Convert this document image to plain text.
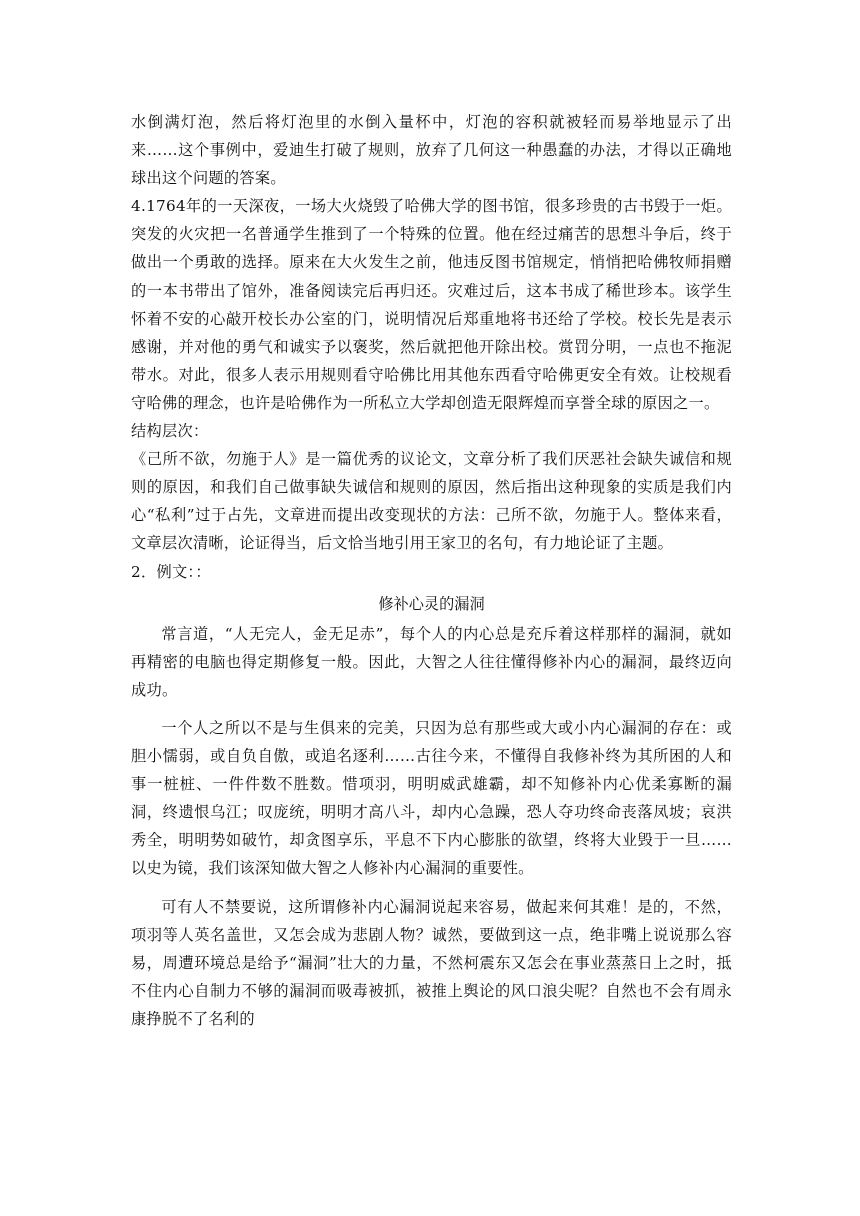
水倒满灯泡，然后将灯泡里的水倒入量杯中，灯泡的容积就被轻而易举地显示了出来……这个事例中，爱迪生打破了规则，放弃了几何这一种愚蠢的办法，才得以正确地球出这个问题的答案。

4.1764年的一天深夜，一场大火烧毁了哈佛大学的图书馆，很多珍贵的古书毁于一炬。突发的火灾把一名普通学生推到了一个特殊的位置。他在经过痛苦的思想斗争后，终于做出一个勇敢的选择。原来在大火发生之前，他违反图书馆规定，悄悄把哈佛牧师捐赠的一本书带出了馆外，准备阅读完后再归还。灾难过后，这本书成了稀世珍本。该学生怀着不安的心敲开校长办公室的门，说明情况后郑重地将书还给了学校。校长先是表示感谢，并对他的勇气和诚实予以褒奖，然后就把他开除出校。赏罚分明，一点也不拖泥带水。对此，很多人表示用规则看守哈佛比用其他东西看守哈佛更安全有效。让校规看守哈佛的理念，也许是哈佛作为一所私立大学却创造无限辉煌而享誉全球的原因之一。

结构层次：

《己所不欲，勿施于人》是一篇优秀的议论文，文章分析了我们厌恶社会缺失诚信和规则的原因，和我们自己做事缺失诚信和规则的原因，然后指出这种现象的实质是我们内心“私利”过于占先，文章进而提出改变现状的方法：己所不欲，勿施于人。整体来看，文章层次清晰，论证得当，后文恰当地引用王家卫的名句，有力地论证了主题。

2．例文：：

修补心灵的漏洞

常言道，“人无完人，金无足赤”，每个人的内心总是充斥着这样那样的漏洞，就如再精密的电脑也得定期修复一般。因此，大智之人往往懂得修补内心的漏洞，最终迈向成功。

一个人之所以不是与生俱来的完美，只因为总有那些或大或小内心漏洞的存在：或胆小懦弱，或自负自傲，或追名逐利……古往今来，不懂得自我修补终为其所困的人和事一桩桩、一件件数不胜数。惜项羽，明明威武雄霸，却不知修补内心优柔寡断的漏洞，终遗恨乌江；叹庞统，明明才高八斗，却内心急躁，恐人夺功终命丧落凤坡；哀洪秀全，明明势如破竹，却贪图享乐，平息不下内心膨胀的欲望，终将大业毁于一旦……以史为镜，我们该深知做大智之人修补内心漏洞的重要性。

可有人不禁要说，这所谓修补内心漏洞说起来容易，做起来何其难！是的，不然，项羽等人英名盖世，又怎会成为悲剧人物？诚然，要做到这一点，绝非嘴上说说那么容易，周遭环境总是给予“漏洞”壮大的力量，不然柯震东又怎会在事业蒸蒸日上之时，抵不住内心自制力不够的漏洞而吸毒被抓，被推上舆论的风口浪尖呢？自然也不会有周永康挣脱不了名利的
